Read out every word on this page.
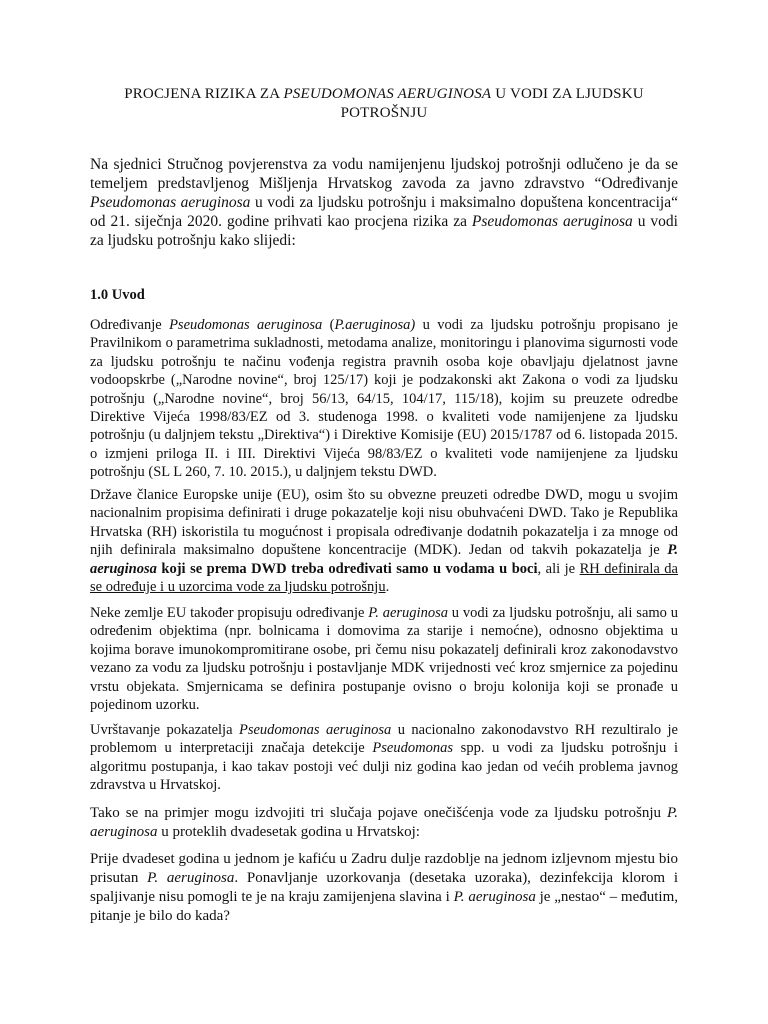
PROCJENA RIZIKA ZA PSEUDOMONAS AERUGINOSA U VODI ZA LJUDSKU POTROŠNJU
Na sjednici Stručnog povjerenstva za vodu namijenjenu ljudskoj potrošnji odlučeno je da se temeljem predstavljenog Mišljenja Hrvatskog zavoda za javno zdravstvo “Određivanje Pseudomonas aeruginosa u vodi za ljudsku potrošnju i maksimalno dopuštena koncentracija“ od 21. siječnja 2020. godine prihvati kao procjena rizika za Pseudomonas aeruginosa u vodi za ljudsku potrošnju kako slijedi:
1.0 Uvod
Određivanje Pseudomonas aeruginosa (P.aeruginosa) u vodi za ljudsku potrošnju propisano je Pravilnikom o parametrima sukladnosti, metodama analize, monitoringu i planovima sigurnosti vode za ljudsku potrošnju te načinu vođenja registra pravnih osoba koje obavljaju djelatnost javne vodoopskrbe („Narodne novine“, broj 125/17) koji je podzakonski akt Zakona o vodi za ljudsku potrošnju („Narodne novine“, broj 56/13, 64/15, 104/17, 115/18), kojim su preuzete odredbe Direktive Vijeća 1998/83/EZ od 3. studenoga 1998. o kvaliteti vode namijenjene za ljudsku potrošnju (u daljnjem tekstu „Direktiva“) i Direktive Komisije (EU) 2015/1787 od 6. listopada 2015. o izmjeni priloga II. i III. Direktivi Vijeća 98/83/EZ o kvaliteti vode namijenjene za ljudsku potrošnju (SL L 260, 7. 10. 2015.), u daljnjem tekstu DWD.
Države članice Europske unije (EU), osim što su obvezne preuzeti odredbe DWD, mogu u svojim nacionalnim propisima definirati i druge pokazatelje koji nisu obuhvaćeni DWD. Tako je Republika Hrvatska (RH) iskoristila tu mogućnost i propisala određivanje dodatnih pokazatelja i za mnoge od njih definirala maksimalno dopuštene koncentracije (MDK). Jedan od takvih pokazatelja je P. aeruginosa koji se prema DWD treba određivati samo u vodama u boci, ali je RH definirala da se određuje i u uzorcima vode za ljudsku potrošnju.
Neke zemlje EU također propisuju određivanje P. aeruginosa u vodi za ljudsku potrošnju, ali samo u određenim objektima (npr. bolnicama i domovima za starije i nemoćne), odnosno objektima u kojima borave imunokompromitirane osobe, pri čemu nisu pokazatelj definirali kroz zakonodavstvo vezano za vodu za ljudsku potrošnju i postavljanje MDK vrijednosti već kroz smjernice za pojedinu vrstu objekata. Smjernicama se definira postupanje ovisno o broju kolonija koji se pronađe u pojedinom uzorku.
Uvrštavanje pokazatelja Pseudomonas aeruginosa u nacionalno zakonodavstvo RH rezultiralo je problemom u interpretaciji značaja detekcije Pseudomonas spp. u vodi za ljudsku potrošnju i algoritmu postupanja, i kao takav postoji već dulji niz godina kao jedan od većih problema javnog zdravstva u Hrvatskoj.
Tako se na primjer mogu izdvojiti tri slučaja pojave onečišćenja vode za ljudsku potrošnju P. aeruginosa u proteklih dvadesetak godina u Hrvatskoj:
Prije dvadeset godina u jednom je kafiću u Zadru dulje razdoblje na jednom izljevnom mjestu bio prisutan P. aeruginosa. Ponavljanje uzorkovanja (desetaka uzoraka), dezinfekcija klorom i spaljivanje nisu pomogli te je na kraju zamijenjena slavina i P. aeruginosa je „nestao“ – međutim, pitanje je bilo do kada?
